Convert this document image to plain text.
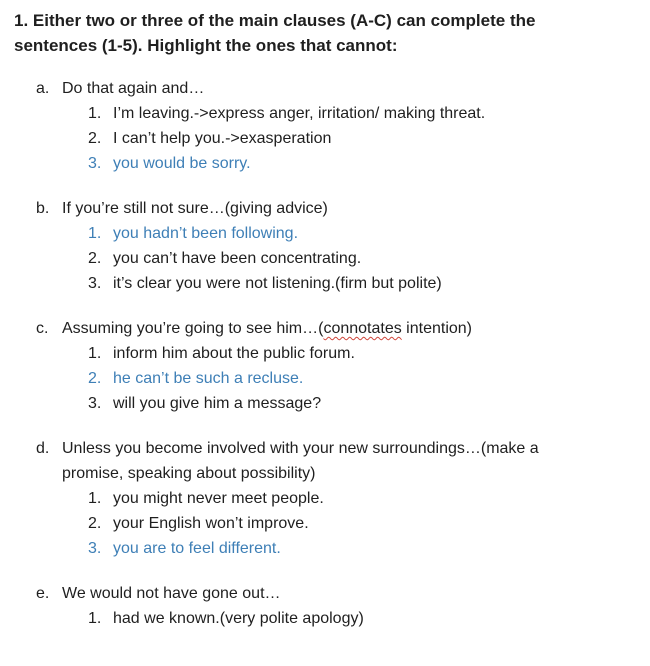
1. Either two or three of the main clauses (A-C) can complete the
sentences (1-5). Highlight the ones that cannot:
a. Do that again and…
1. I’m leaving.->express anger, irritation/ making threat.
2. I can’t help you.->exasperation
3. you would be sorry.
b. If you’re still not sure…(giving advice)
1. you hadn’t been following.
2. you can’t have been concentrating.
3. it’s clear you were not listening.(firm but polite)
c. Assuming you’re going to see him…(connotates intention)
1. inform him about the public forum.
2. he can’t be such a recluse.
3. will you give him a message?
d. Unless you become involved with your new surroundings…(make a
promise, speaking about possibility)
1. you might never meet people.
2. your English won’t improve.
3. you are to feel different.
e. We would not have gone out…
1. had we known.(very polite apology)
